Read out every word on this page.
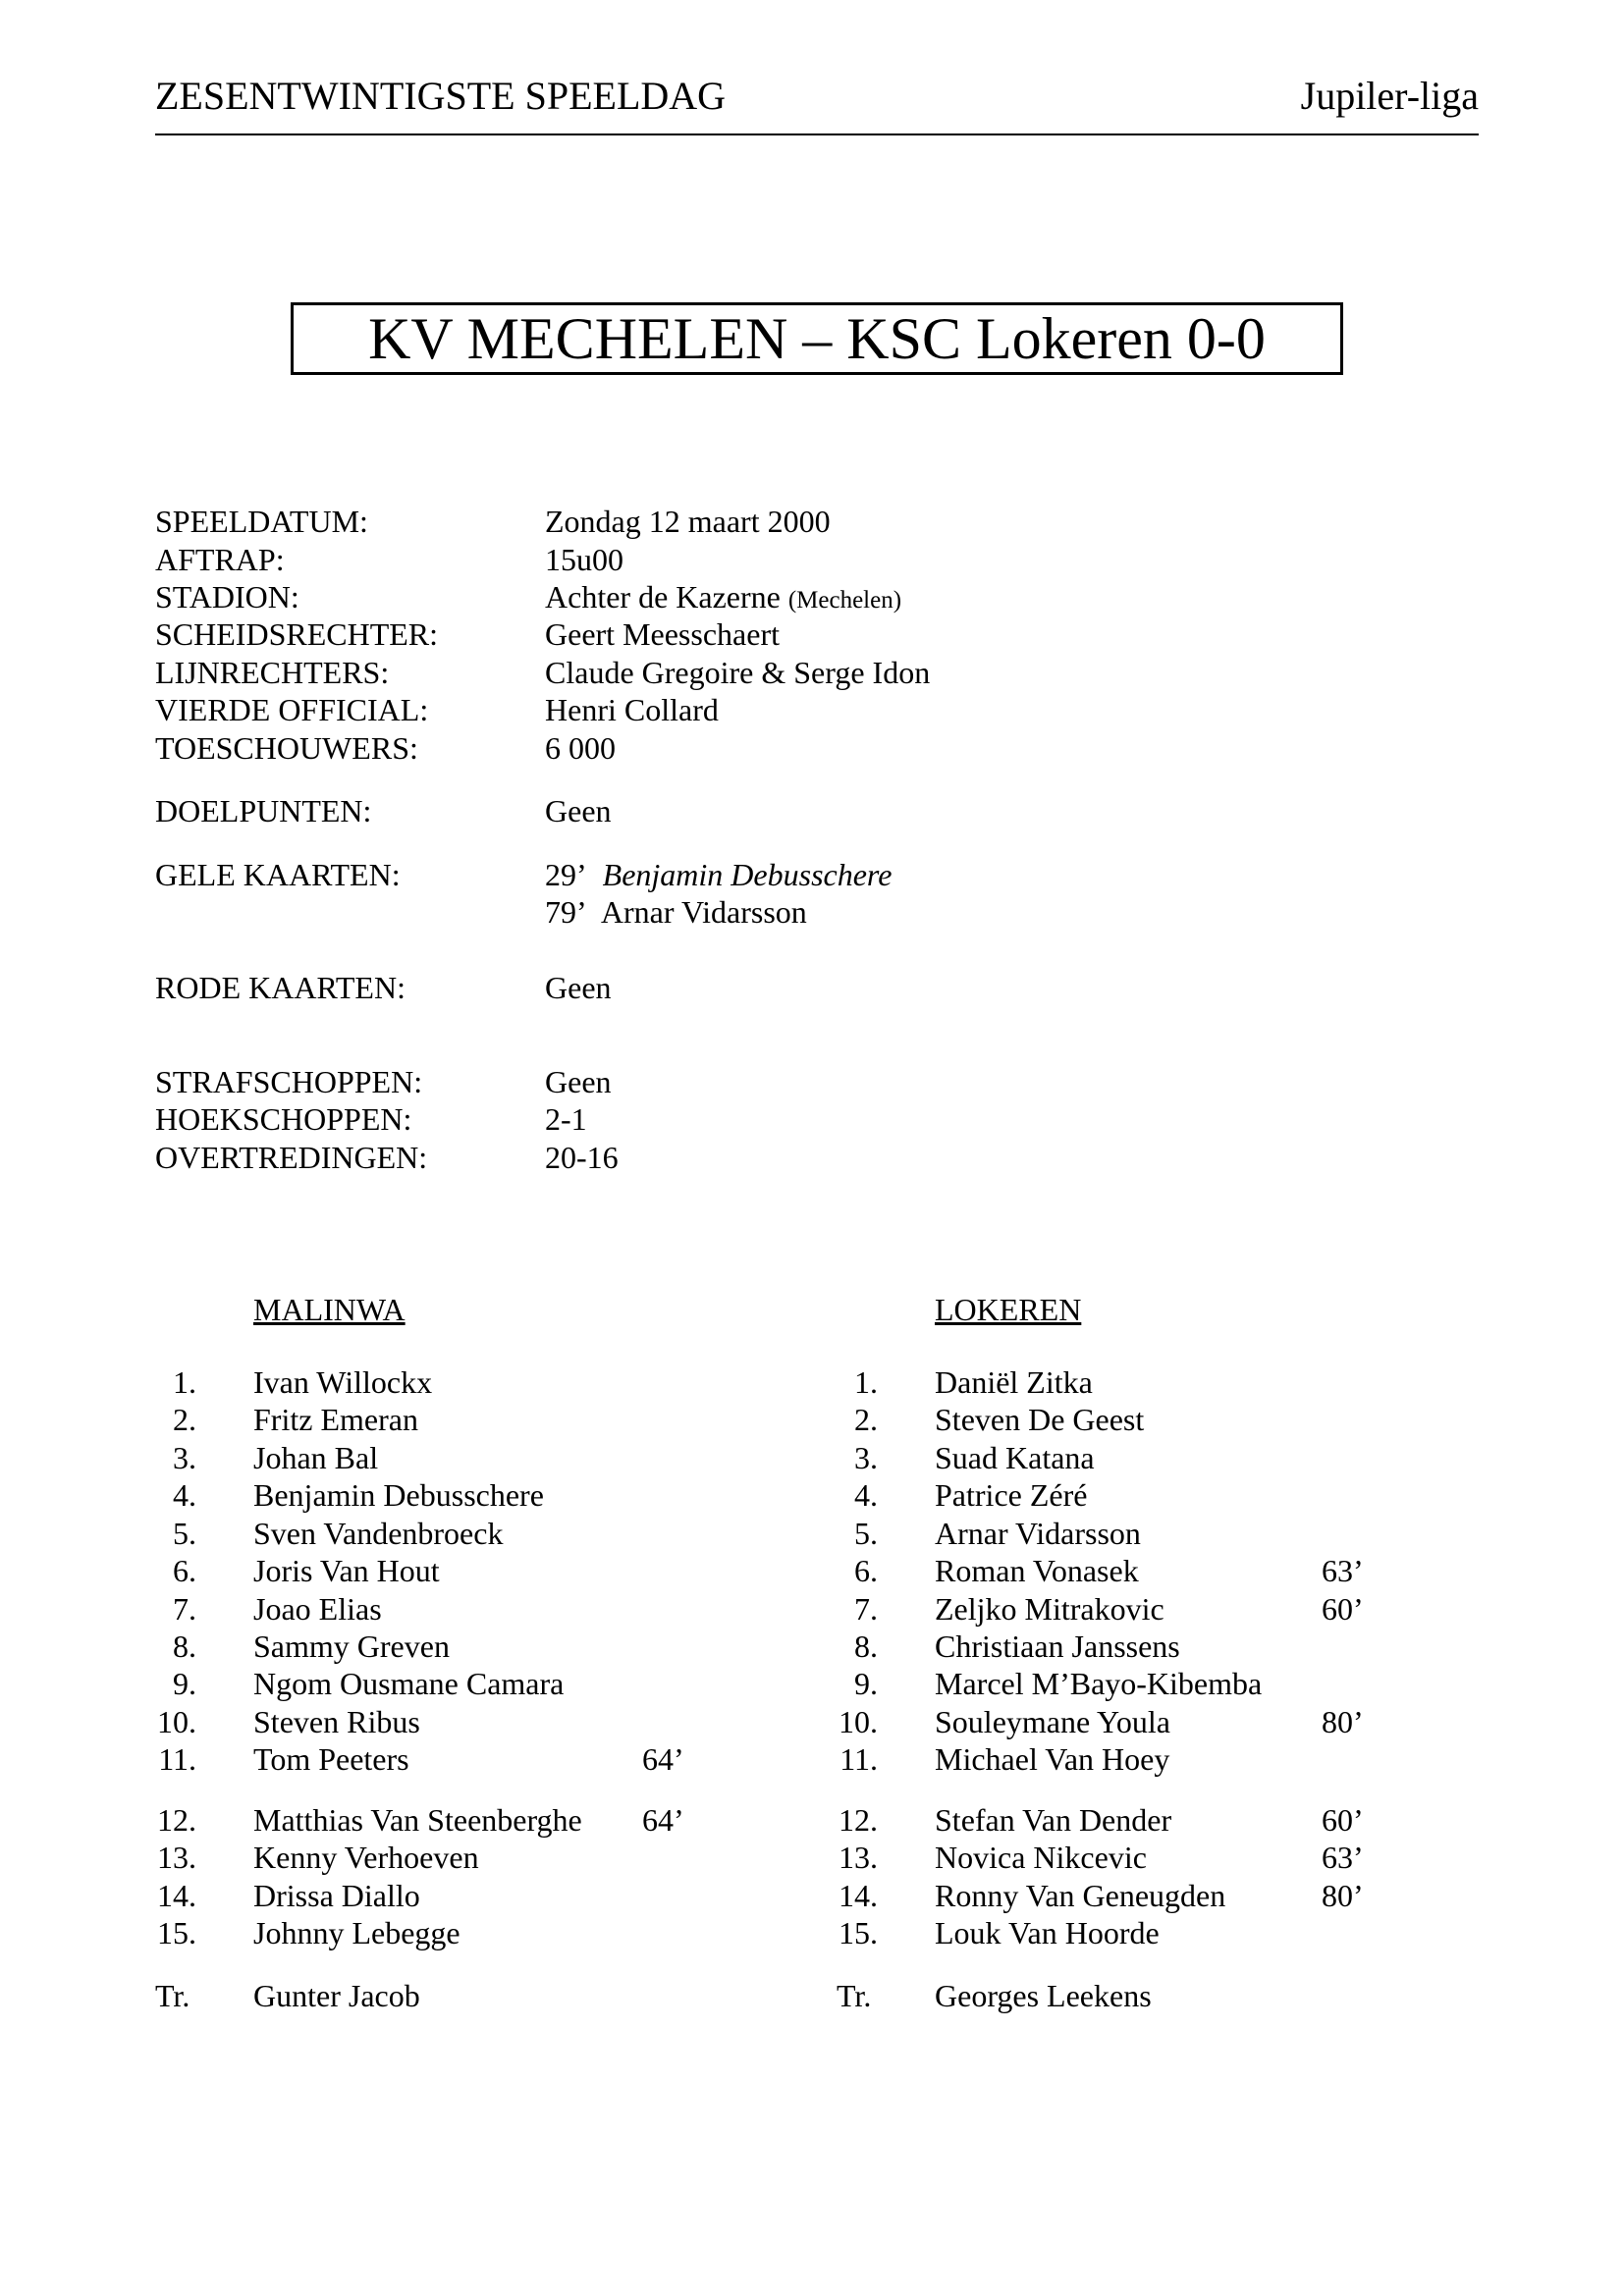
ZESENTWINTIGSTE SPEELDAG	Jupiler-liga
KV MECHELEN – KSC Lokeren 0-0
SPEELDATUM:	Zondag 12 maart 2000
AFTRAP:	15u00
STADION:	Achter de Kazerne (Mechelen)
SCHEIDSRECHTER:	Geert Meesschaert
LIJNRECHTERS:	Claude Gregoire & Serge Idon
VIERDE OFFICIAL:	Henri Collard
TOESCHOUWERS:	6 000
DOELPUNTEN:	Geen
GELE KAARTEN:	29’ Benjamin Debusschere
79’ Arnar Vidarsson
RODE KAARTEN:	Geen
STRAFSCHOPPEN:	Geen
HOEKSCHOPPEN:	2-1
OVERTREDINGEN:	20-16
MALINWA
1. Ivan Willockx
2. Fritz Emeran
3. Johan Bal
4. Benjamin Debusschere
5. Sven Vandenbroeck
6. Joris Van Hout
7. Joao Elias
8. Sammy Greven
9. Ngom Ousmane Camara
10. Steven Ribus
11. Tom Peeters	64’
12. Matthias Van Steenberghe 64’
13. Kenny Verhoeven
14. Drissa Diallo
15. Johnny Lebegge
Tr. Gunter Jacob
LOKEREN
1. Daniël Zitka
2. Steven De Geest
3. Suad Katana
4. Patrice Zéré
5. Arnar Vidarsson
6. Roman Vonasek	63’
7. Zeljko Mitrakovic	60’
8. Christiaan Janssens
9. Marcel M’Bayo-Kibemba
10. Souleymane Youla	80’
11. Michael Van Hoey
12. Stefan Van Dender	60’
13. Novica Nikcevic	63’
14. Ronny Van Geneugden	80’
15. Louk Van Hoorde
Tr. Georges Leekens
